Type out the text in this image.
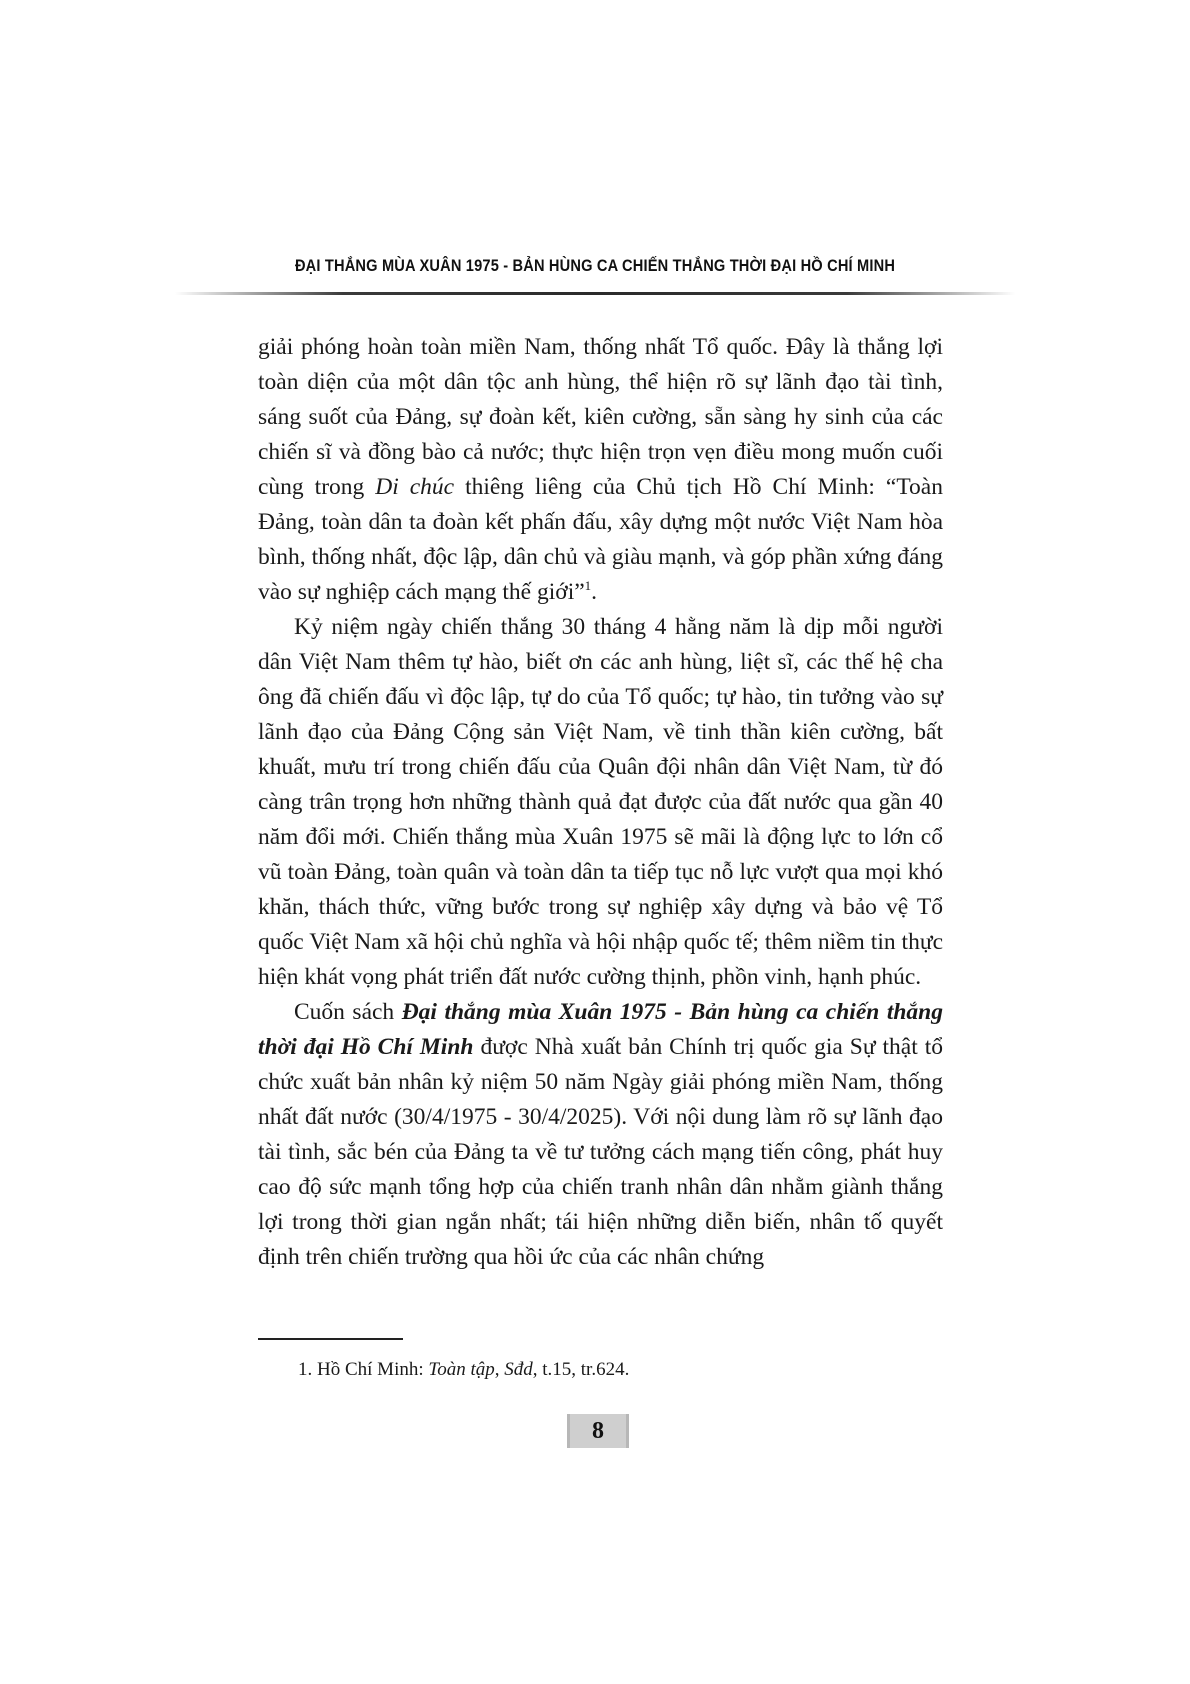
ĐẠI THẮNG MÙA XUÂN 1975 - BẢN HÙNG CA CHIẾN THẮNG THỜI ĐẠI HỒ CHÍ MINH

giải phóng hoàn toàn miền Nam, thống nhất Tổ quốc. Đây là thắng lợi toàn diện của một dân tộc anh hùng, thể hiện rõ sự lãnh đạo tài tình, sáng suốt của Đảng, sự đoàn kết, kiên cường, sẵn sàng hy sinh của các chiến sĩ và đồng bào cả nước; thực hiện trọn vẹn điều mong muốn cuối cùng trong Di chúc thiêng liêng của Chủ tịch Hồ Chí Minh: “Toàn Đảng, toàn dân ta đoàn kết phấn đấu, xây dựng một nước Việt Nam hòa bình, thống nhất, độc lập, dân chủ và giàu mạnh, và góp phần xứng đáng vào sự nghiệp cách mạng thế giới”$^1$.

Kỷ niệm ngày chiến thắng 30 tháng 4 hằng năm là dịp mỗi người dân Việt Nam thêm tự hào, biết ơn các anh hùng, liệt sĩ, các thế hệ cha ông đã chiến đấu vì độc lập, tự do của Tổ quốc; tự hào, tin tưởng vào sự lãnh đạo của Đảng Cộng sản Việt Nam, về tinh thần kiên cường, bất khuất, mưu trí trong chiến đấu của Quân đội nhân dân Việt Nam, từ đó càng trân trọng hơn những thành quả đạt được của đất nước qua gần 40 năm đổi mới. Chiến thắng mùa Xuân 1975 sẽ mãi là động lực to lớn cổ vũ toàn Đảng, toàn quân và toàn dân ta tiếp tục nỗ lực vượt qua mọi khó khăn, thách thức, vững bước trong sự nghiệp xây dựng và bảo vệ Tổ quốc Việt Nam xã hội chủ nghĩa và hội nhập quốc tế; thêm niềm tin thực hiện khát vọng phát triển đất nước cường thịnh, phồn vinh, hạnh phúc.

Cuốn sách Đại thắng mùa Xuân 1975 - Bản hùng ca chiến thắng thời đại Hồ Chí Minh được Nhà xuất bản Chính trị quốc gia Sự thật tổ chức xuất bản nhân kỷ niệm 50 năm Ngày giải phóng miền Nam, thống nhất đất nước (30/4/1975 - 30/4/2025). Với nội dung làm rõ sự lãnh đạo tài tình, sắc bén của Đảng ta về tư tưởng cách mạng tiến công, phát huy cao độ sức mạnh tổng hợp của chiến tranh nhân dân nhằm giành thắng lợi trong thời gian ngắn nhất; tái hiện những diễn biến, nhân tố quyết định trên chiến trường qua hồi ức của các nhân chứng

1. Hồ Chí Minh: Toàn tập, Sđd, t.15, tr.624.
8
